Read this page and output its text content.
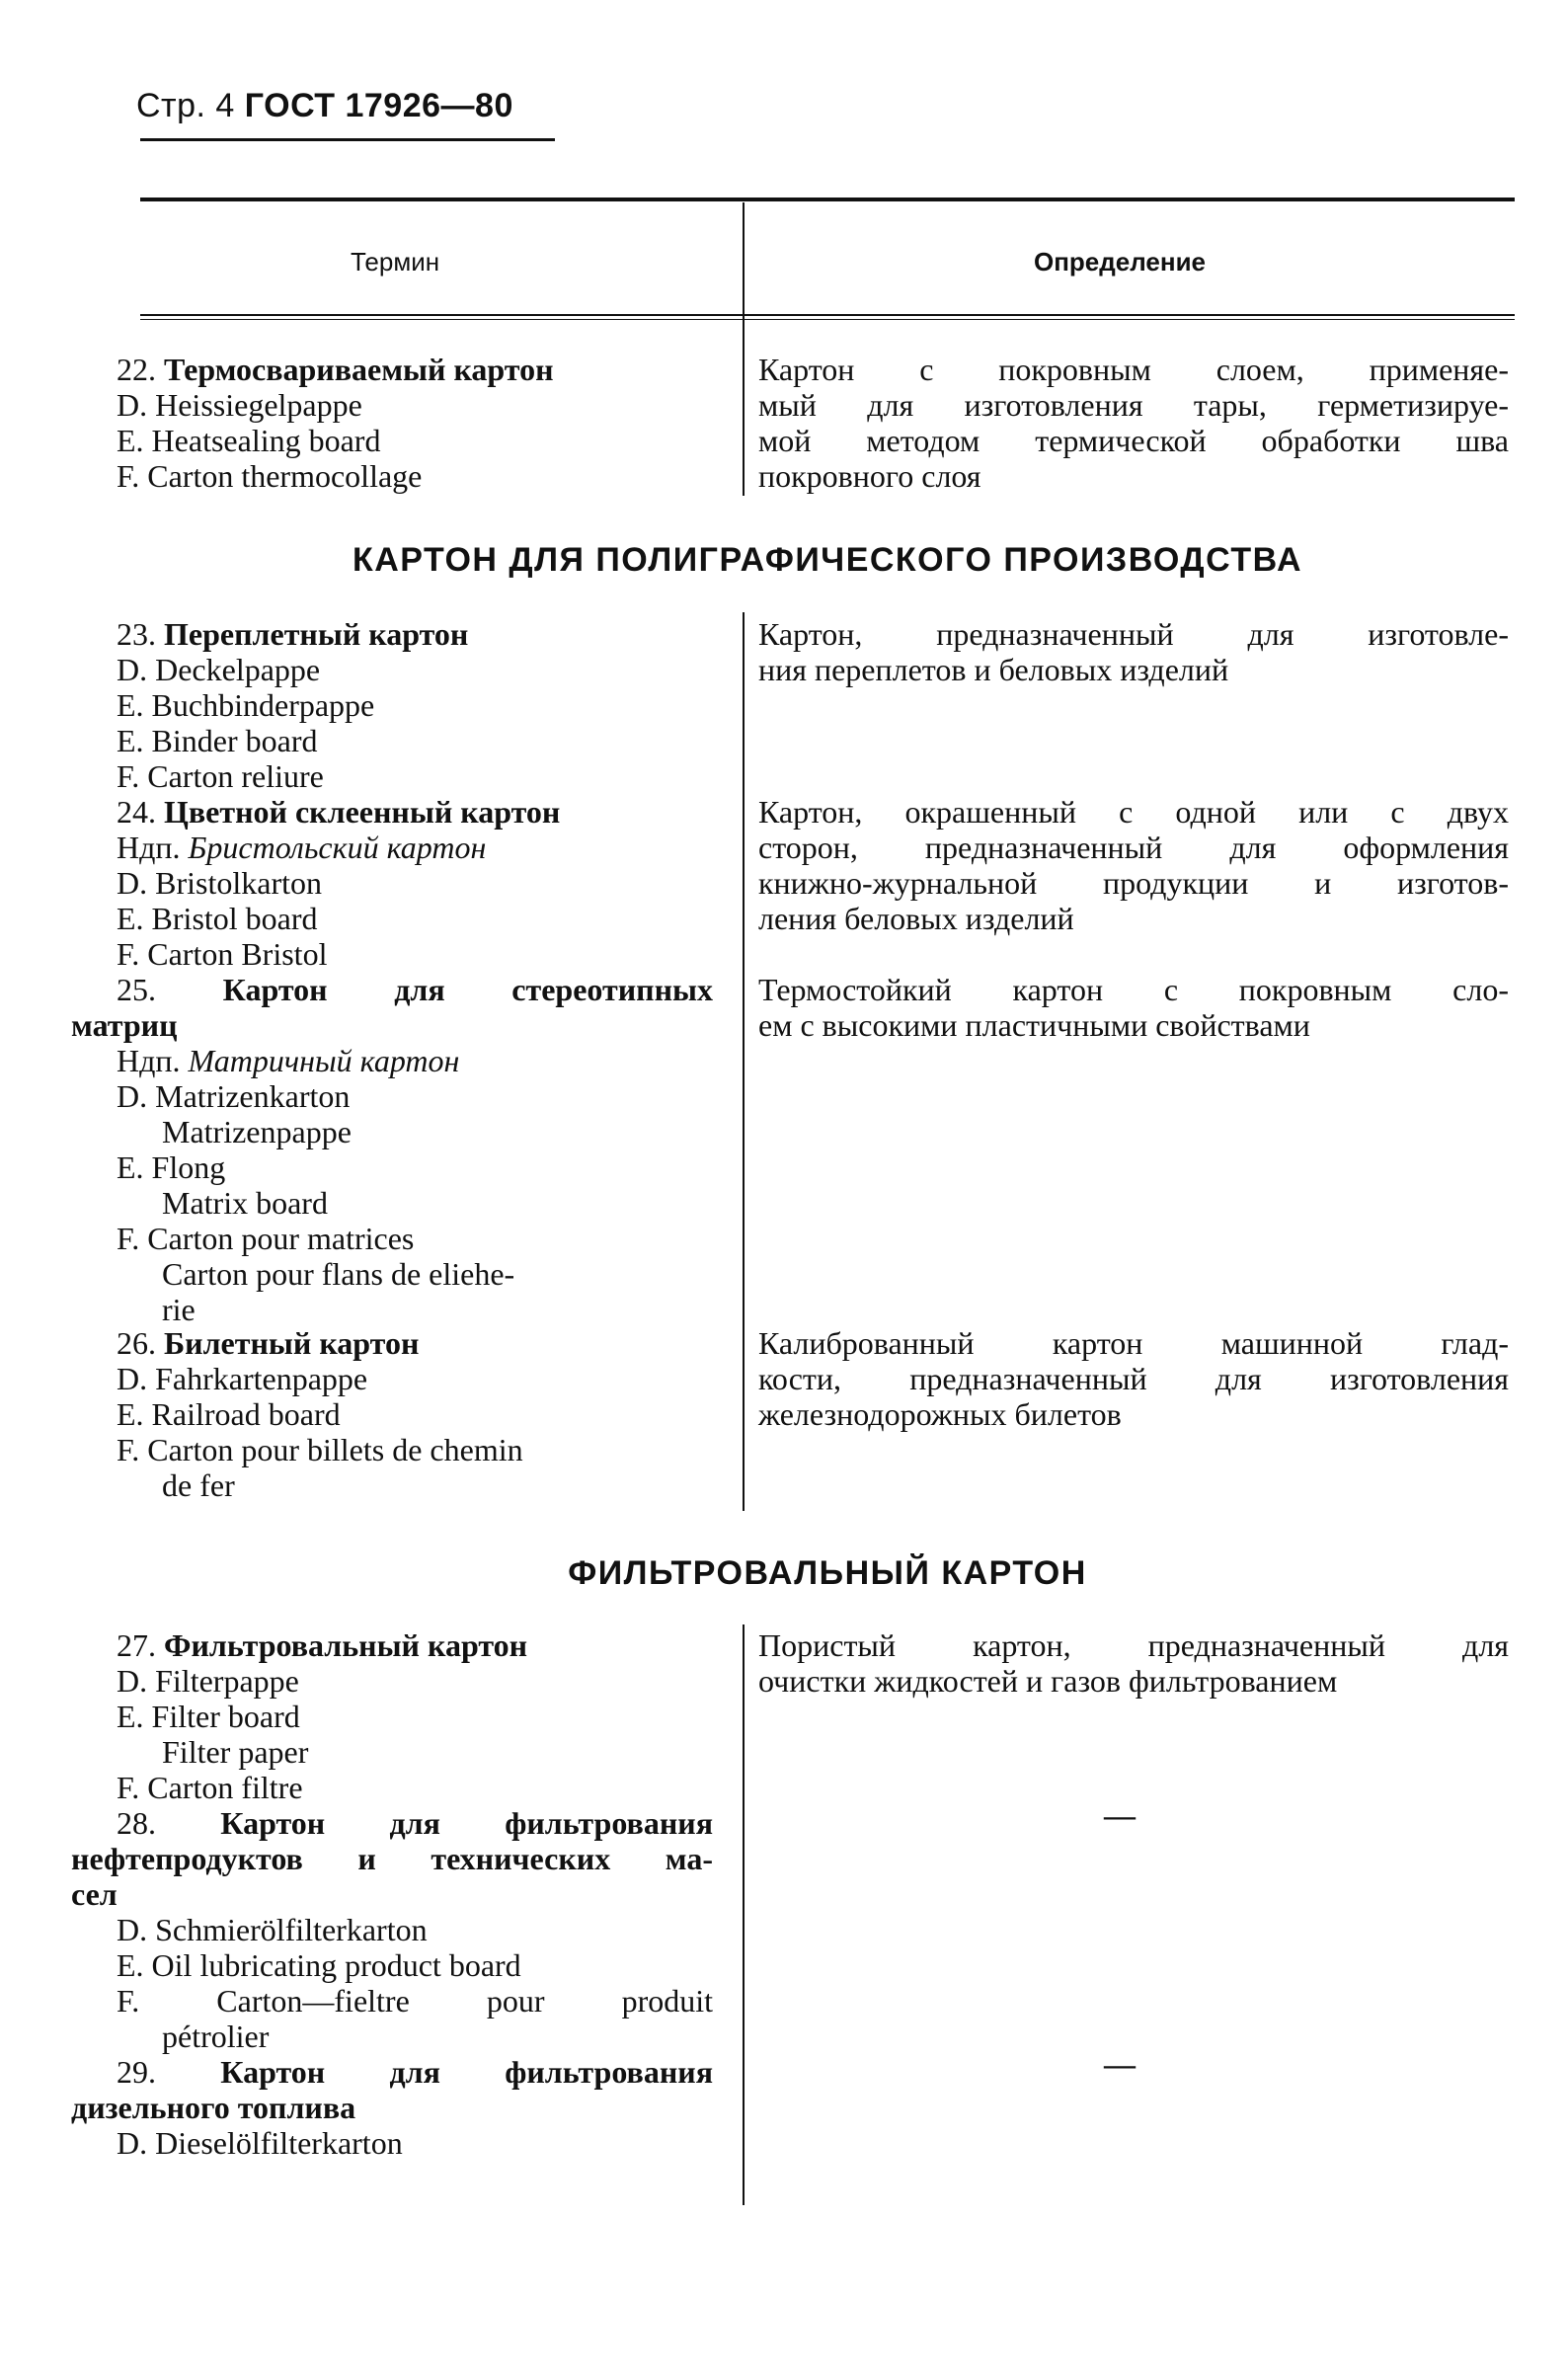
Стр. 4 ГОСТ 17926—80
Термин	Определение
22. Термосвариваемый картон
D. Heissiegelpappe
E. Heatsealing board
F. Carton thermocollage
Картон с покровным слоем, применяе-
мый для изготовления тары, герметизируе-
мой методом термической обработки шва
покровного слоя
КАРТОН ДЛЯ ПОЛИГРАФИЧЕСКОГО ПРОИЗВОДСТВА
23. Переплетный картон
D. Deckelpappe
E. Buchbinderpappe
E. Binder board
F. Carton reliure
Картон, предназначенный для изготовле-
ния переплетов и беловых изделий
24. Цветной склеенный картон
Ндп. Бристольский картон
D. Bristolkarton
E. Bristol board
F. Carton Bristol
Картон, окрашенный с одной или с двух
сторон, предназначенный для оформления
книжно-журнальной продукции и изготов-
ления беловых изделий
25. Картон для стереотипных
матриц
Ндп. Матричный картон
D. Matrizenkarton
Matrizenpappe
E. Flong
Matrix board
F. Carton pour matrices
Carton pour flans de eliehe-
rie
Термостойкий картон с покровным сло-
ем с высокими пластичными свойствами
26. Билетный картон
D. Fahrkartenpappe
E. Railroad board
F. Carton pour billets de chemin
de fer
Калиброванный картон машинной глад-
кости, предназначенный для изготовления
железнодорожных билетов
ФИЛЬТРОВАЛЬНЫЙ КАРТОН
27. Фильтровальный картон
D. Filterpappe
E. Filter board
Filter paper
F. Carton filtre
Пористый картон, предназначенный для
очистки жидкостей и газов фильтрованием
28. Картон для фильтрования
нефтепродуктов и технических ма-
сел
D. Schmierölfilterkarton
E. Oil lubricating product board
F. Carton—fieltre pour produit
pétrolier
—
29. Картон для фильтрования
дизельного топлива
D. Dieselölfilterkarton
—
